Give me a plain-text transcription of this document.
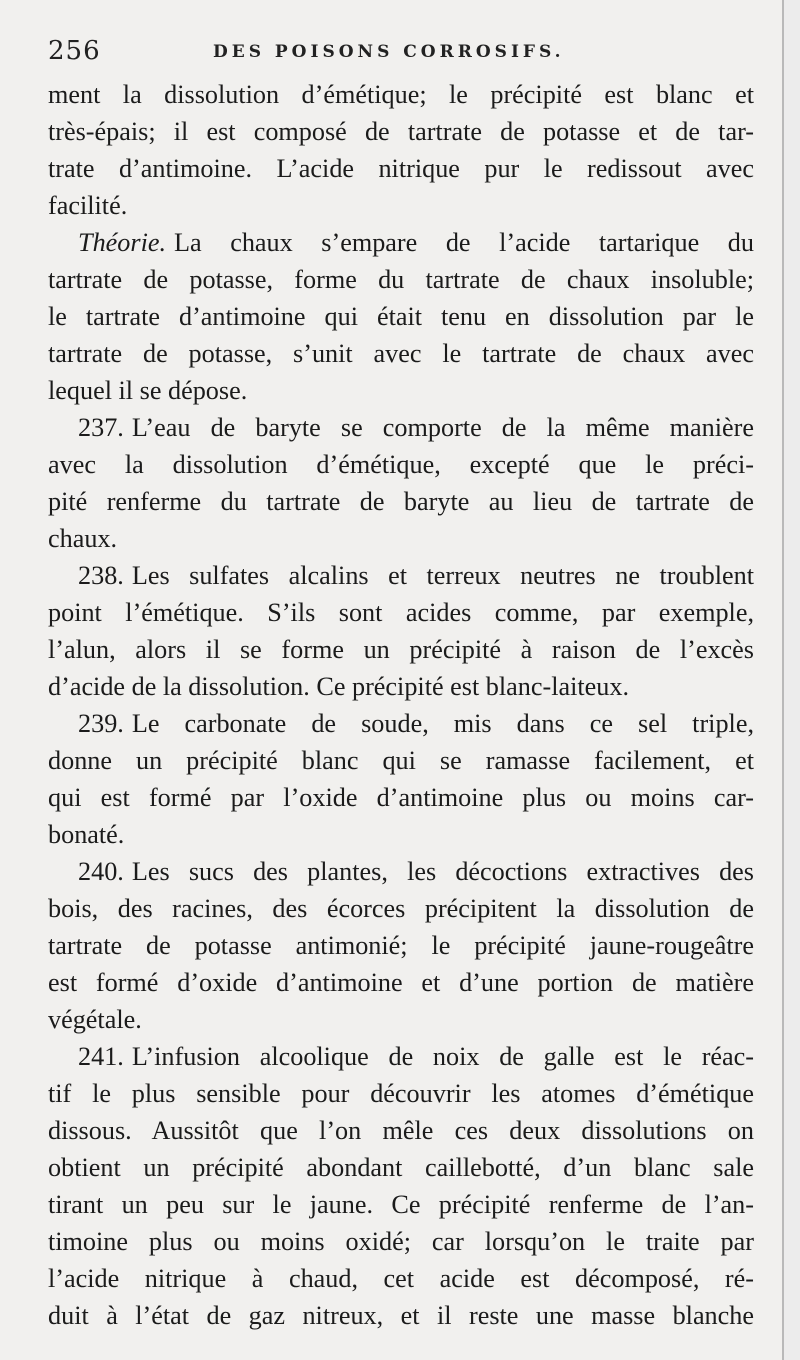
256	DES POISONS CORROSIFS.
ment la dissolution d’émétique; le précipité est blanc et
très-épais; il est composé de tartrate de potasse et de tar-
trate d’antimoine. L’acide nitrique pur le redissout avec
facilité.
Théorie. La chaux s’empare de l’acide tartarique du
tartrate de potasse, forme du tartrate de chaux insoluble;
le tartrate d’antimoine qui était tenu en dissolution par le
tartrate de potasse, s’unit avec le tartrate de chaux avec
lequel il se dépose.
237. L’eau de baryte se comporte de la même manière
avec la dissolution d’émétique, excepté que le préci-
pité renferme du tartrate de baryte au lieu de tartrate de
chaux.
238. Les sulfates alcalins et terreux neutres ne troublent
point l’émétique. S’ils sont acides comme, par exemple,
l’alun, alors il se forme un précipité à raison de l’excès
d’acide de la dissolution. Ce précipité est blanc-laiteux.
239. Le carbonate de soude, mis dans ce sel triple,
donne un précipité blanc qui se ramasse facilement, et
qui est formé par l’oxide d’antimoine plus ou moins car-
bonaté.
240. Les sucs des plantes, les décoctions extractives des
bois, des racines, des écorces précipitent la dissolution de
tartrate de potasse antimonié; le précipité jaune-rougeâtre
est formé d’oxide d’antimoine et d’une portion de matière
végétale.
241. L’infusion alcoolique de noix de galle est le réac-
tif le plus sensible pour découvrir les atomes d’émétique
dissous. Aussitôt que l’on mêle ces deux dissolutions on
obtient un précipité abondant caillebotté, d’un blanc sale
tirant un peu sur le jaune. Ce précipité renferme de l’an-
timoine plus ou moins oxidé; car lorsqu’on le traite par
l’acide nitrique à chaud, cet acide est décomposé, ré-
duit à l’état de gaz nitreux, et il reste une masse blanche
